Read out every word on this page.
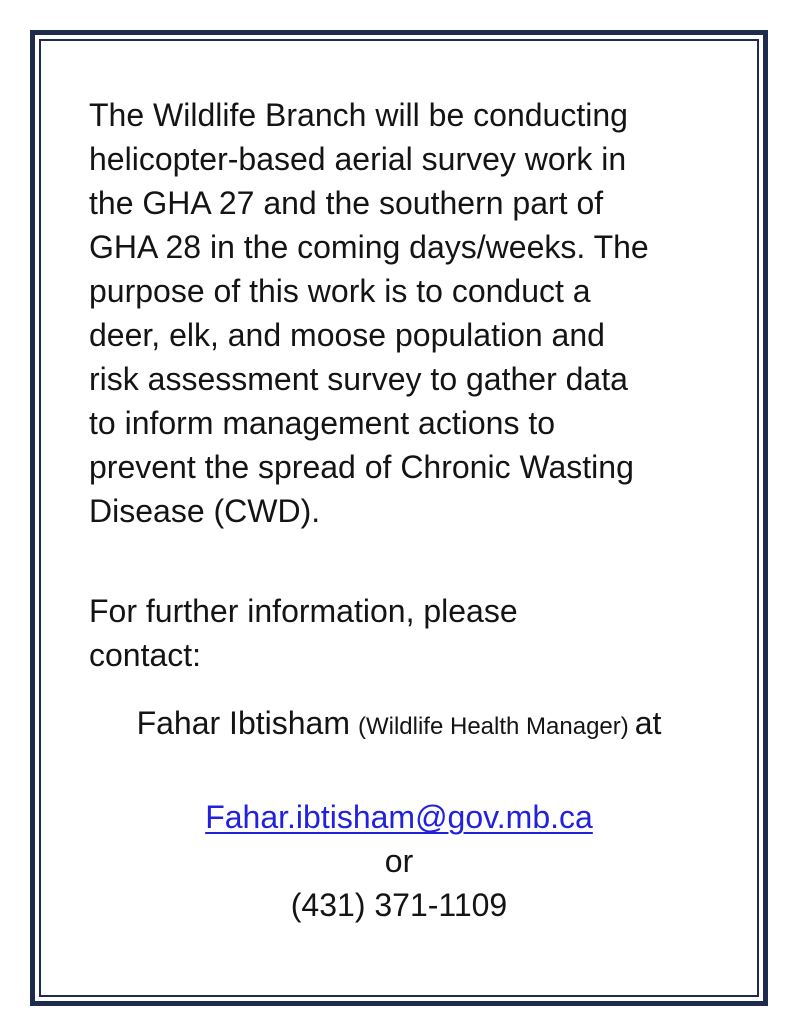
The Wildlife Branch will be conducting
helicopter-based aerial survey work in
the GHA 27 and the southern part of
GHA 28 in the coming days/weeks. The
purpose of this work is to conduct a
deer, elk, and moose population and
risk assessment survey to gather data
to inform management actions to
prevent the spread of Chronic Wasting
Disease (CWD).
For further information, please
contact:
Fahar Ibtisham (Wildlife Health Manager) at
Fahar.ibtisham@gov.mb.ca
or
(431) 371-1109
